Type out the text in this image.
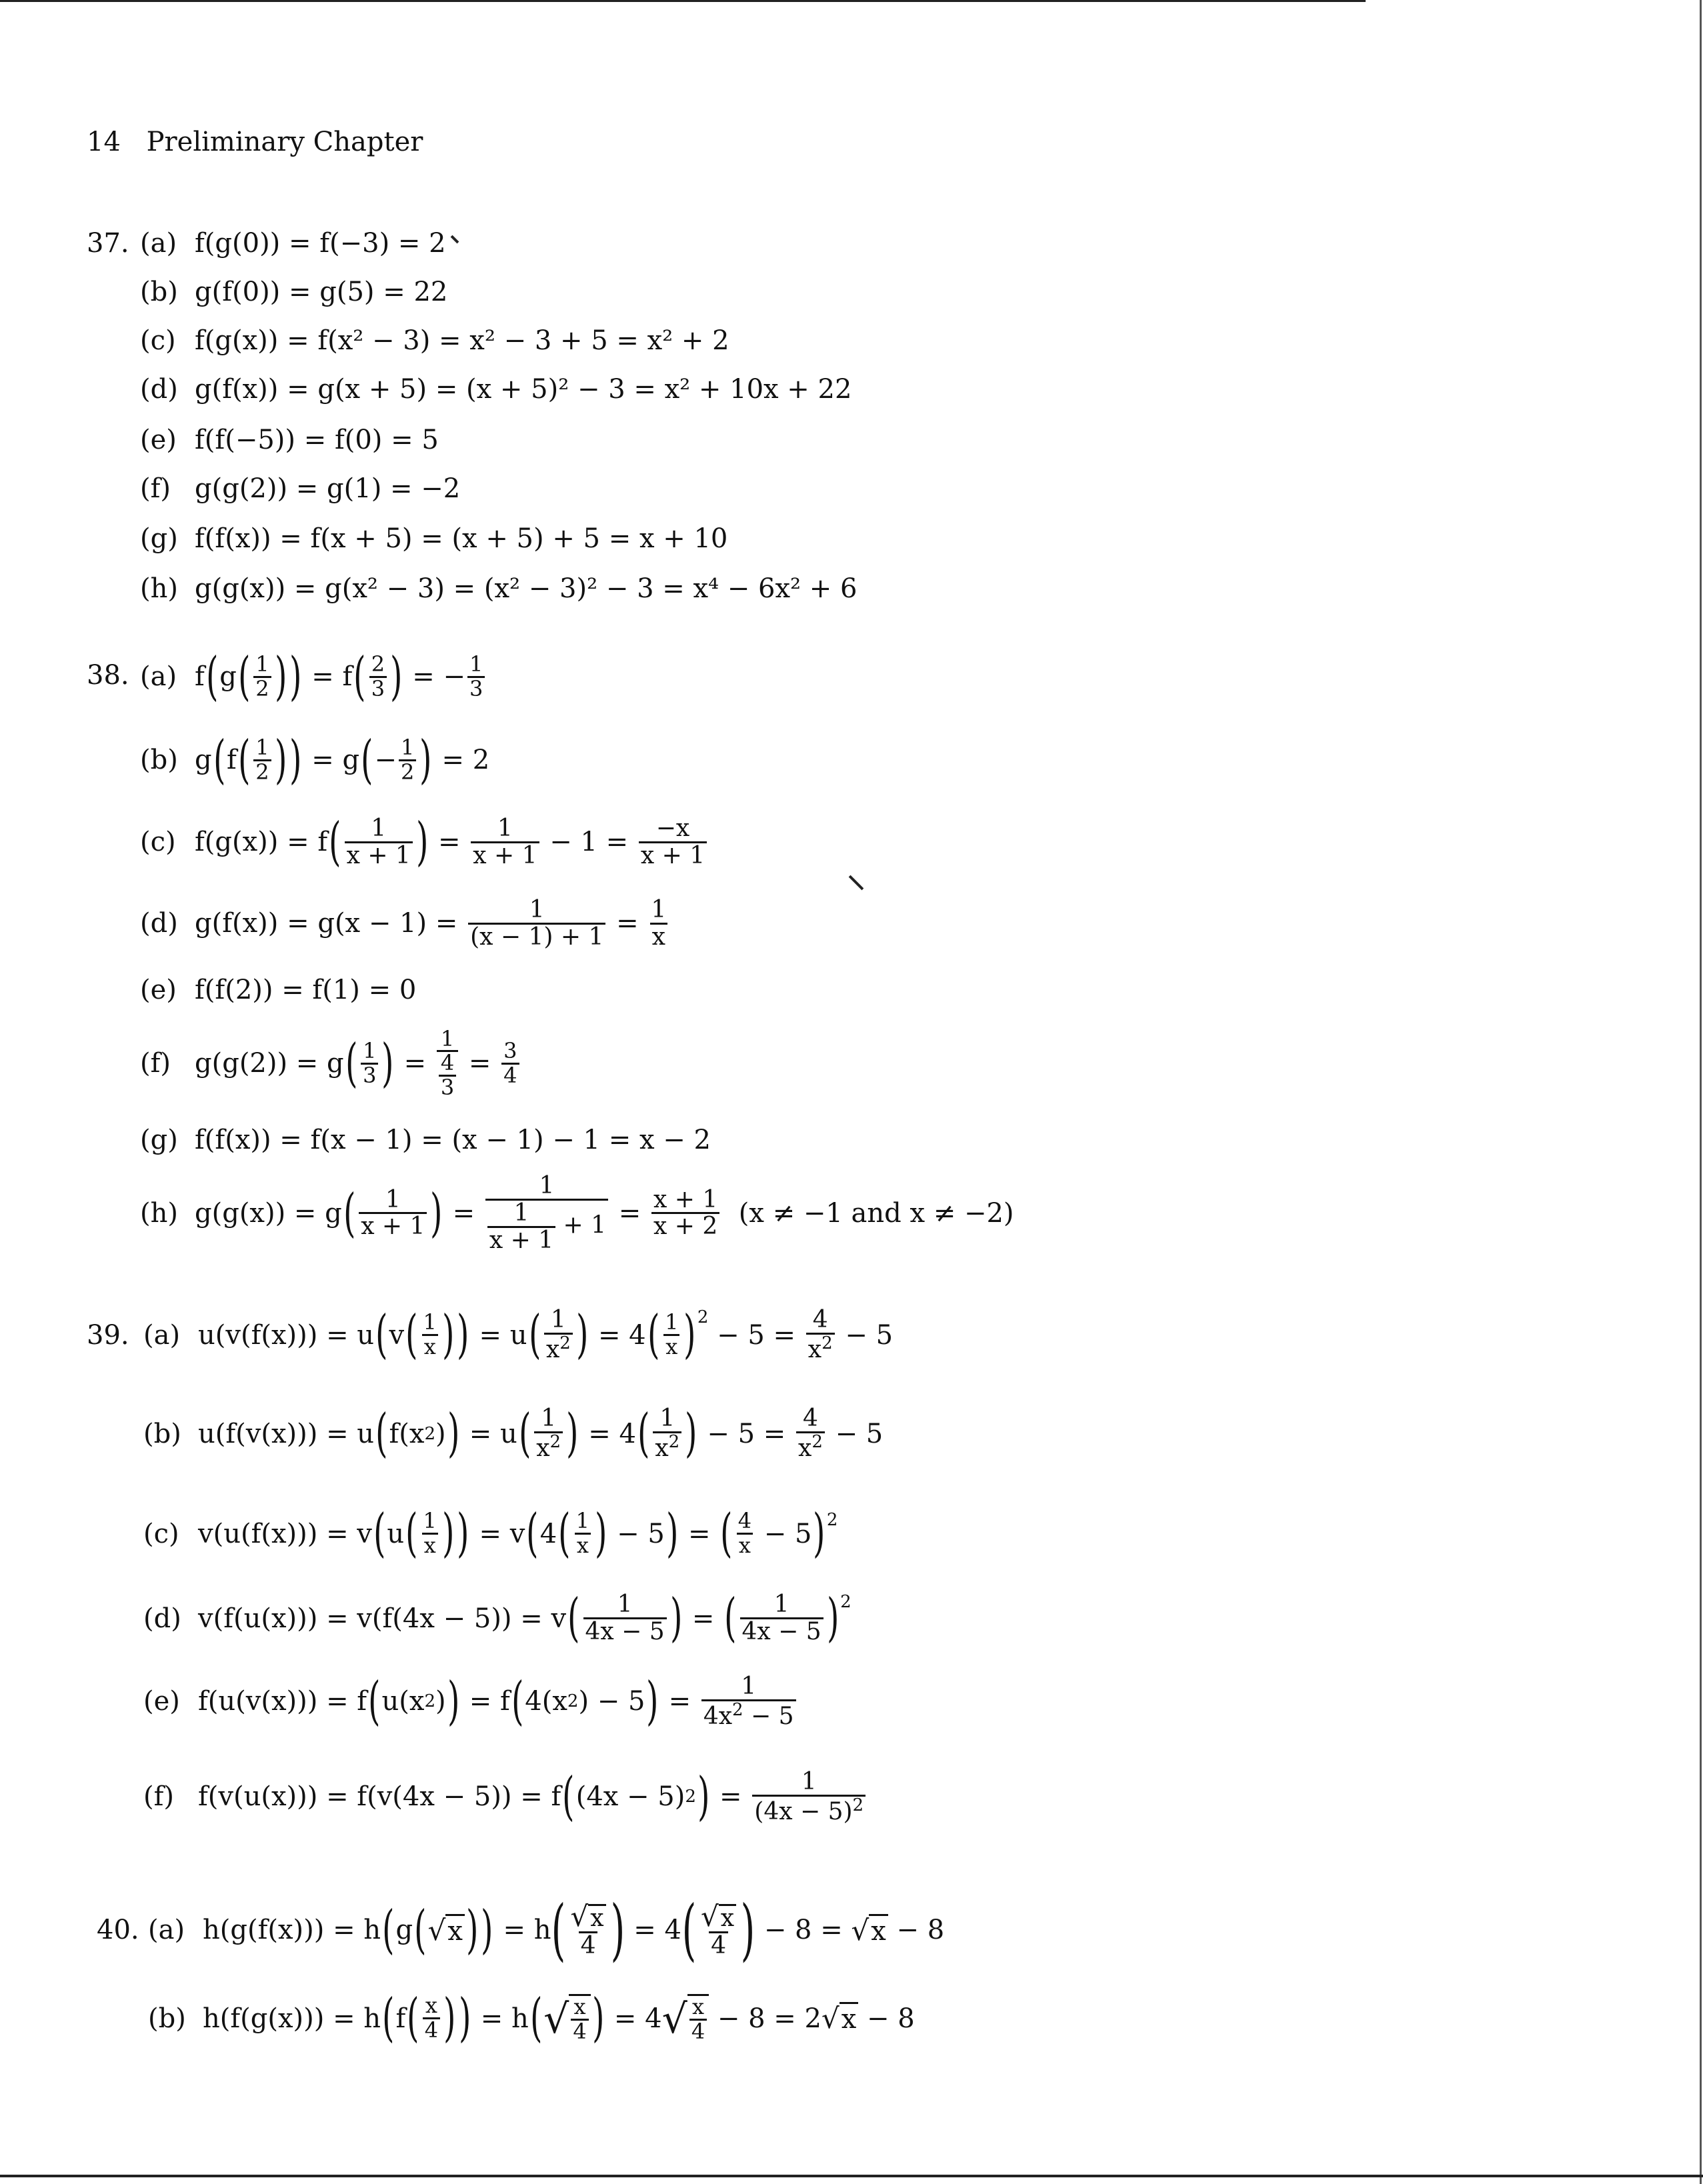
14 Preliminary Chapter
37. (a) f(g(0)) = f(−3) = 2
(b) g(f(0)) = g(5) = 22
(c) f(g(x)) = f(x² − 3) = x² − 3 + 5 = x² + 2
(d) g(f(x)) = g(x + 5) = (x + 5)² − 3 = x² + 10x + 22
(e) f(f(−5)) = f(0) = 5
(f) g(g(2)) = g(1) = −2
(g) f(f(x)) = f(x + 5) = (x + 5) + 5 = x + 10
(h) g(g(x)) = g(x² − 3) = (x² − 3)² − 3 = x⁴ − 6x² + 6
38. (a) f ( g ( $\frac{1}{2}$ ) ) = f ( $\frac{2}{3}$ ) = − $\frac{1}{3}$
(b) g ( f ( $\frac{1}{2}$ ) ) = g ( − $\frac{1}{2}$ ) = 2
(c) f(g(x)) = f ( $\frac{1}{x + 1}$ ) = $\frac{1}{x + 1} - 1 = \frac{-x}{x + 1}$
(d) $g(f(x)) = g(x - 1) = \frac{1}{(x - 1) + 1} = \frac{1}{x}$
(e) f(f(2)) = f(1) = 0
(f) g(g(2)) = g ( $\frac{1}{3}$ ) = $\frac{1}{\frac{4}{3}} = \frac{3}{4}$
(g) f(f(x)) = f(x − 1) = (x − 1) − 1 = x − 2
(h) g(g(x)) = g ( $\frac{1}{x + 1}$ ) = $\frac{1}{\frac{1}{x + 1} + 1} = \frac{x + 1}{x + 2}$
(x ≠ −1 and x ≠ −2)
39. (a) u(v(f(x))) = u ( v ( $\frac{1}{x}$ ) ) = u ( $\frac{1}{x^2}$ ) = 4 ( $\frac{1}{x} )^2$
− $5 = \frac{4}{x^2} - 5$
(b) u(f(v(x))) = u ( f(x 2 ) ) = u ( $\frac{1}{x^2}$ ) = 4 ( $\frac{1}{x^2}$ ) − $5 = \frac{4}{x^2} - 5$
(c) v(u(f(x))) = v ( u ( $\frac{1}{x}$ ) ) = v ( 4 ( $\frac{1}{x}$ ) − 5 ) = ( $\frac{4}{x} - 5$ )$^2$
(d) v(f(u(x))) = v(f(4x − 5)) = v ( $\frac{1}{4x - 5}$ ) = ( $\frac{1}{4x - 5} )^2$
(e) f(u(v(x))) = f ( u(x 2 ) ) = f ( 4(x 2 ) − 5 ) = $\frac{1}{4x^2 - 5}$
(f) f(v(u(x))) = f(v(4x − 5)) = f ( (4x − 5) 2 ) = $\frac{1}{(4x - 5)^2}$
40. (a) h(g(f(x))) = h ( g ( √ x ) ) = h ( $\frac{√ x}{4}$ ) = 4 ( $\frac{√ x}{4}$ ) − 8 = √ x − 8
(b) h(f(g(x))) = h ( f ( $\frac{x}{4}$ ) ) = h ( √ $\frac{x}{4}$ ) = 4 √ $\frac{x}{4} - 8 = 2$ √ x − 8
